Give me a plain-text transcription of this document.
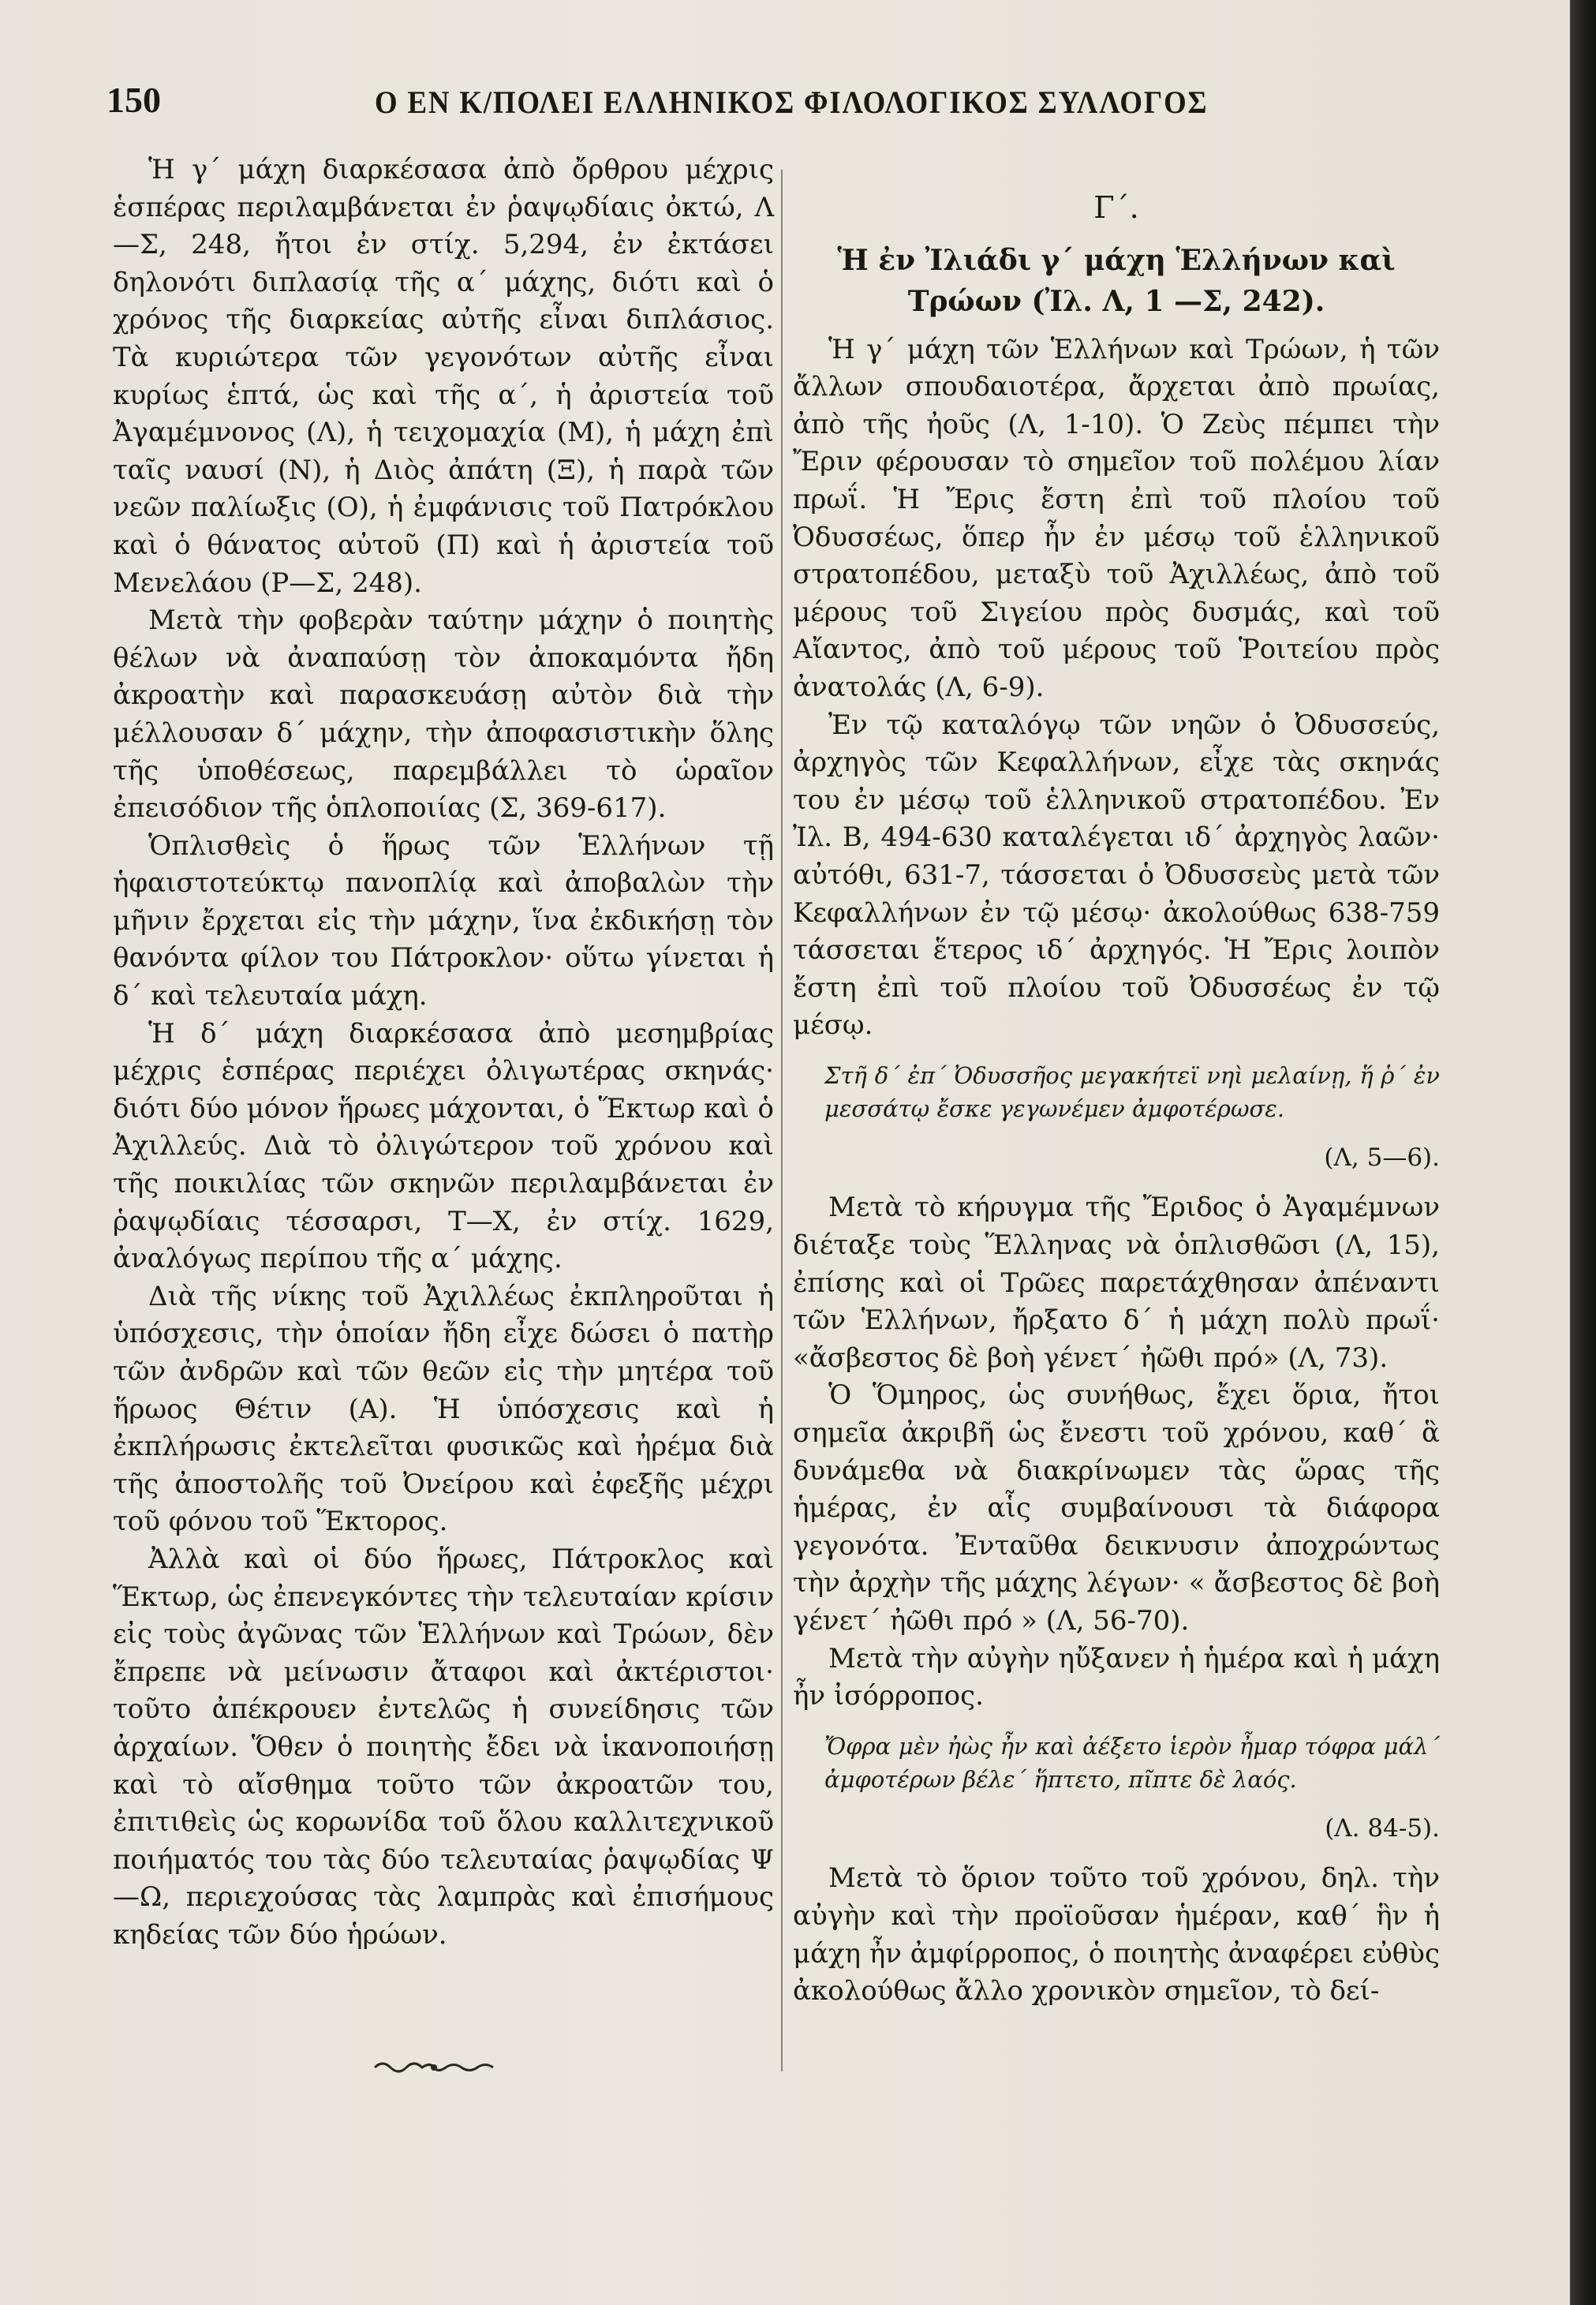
150	Ο ΕΝ Κ/ΠΟΛΕΙ ΕΛΛΗΝΙΚΟΣ ΦΙΛΟΛΟΓΙΚΟΣ ΣΥΛΛΟΓΟΣ

Ἡ γ΄ μάχη διαρκέσασα ἀπὸ ὄρθρου μέχρις ἑσπέρας περιλαμβάνεται ἐν ῥαψῳδίαις ὀκτώ, Λ—Σ, 248, ἤτοι ἐν στίχ. 5,294, ἐν ἐκτάσει δηλονότι διπλασίᾳ τῆς α΄ μάχης, διότι καὶ ὁ χρόνος τῆς διαρκείας αὐτῆς εἶναι διπλάσιος. Τὰ κυριώτερα τῶν γεγονότων αὐτῆς εἶναι κυρίως ἑπτά, ὡς καὶ τῆς α΄, ἡ ἀριστεία τοῦ Ἀγαμέμνονος (Λ), ἡ τειχομαχία (Μ), ἡ μάχη ἐπὶ ταῖς ναυσί (Ν), ἡ Διὸς ἀπάτη (Ξ), ἡ παρὰ τῶν νεῶν παλίωξις (Ο), ἡ ἐμφάνισις τοῦ Πατρόκλου καὶ ὁ θάνατος αὐτοῦ (Π) καὶ ἡ ἀριστεία τοῦ Μενελάου (Ρ—Σ, 248).

Μετὰ τὴν φοβερὰν ταύτην μάχην ὁ ποιητὴς θέλων νὰ ἀναπαύσῃ τὸν ἀποκαμόντα ἤδη ἀκροατὴν καὶ παρασκευάσῃ αὐτὸν διὰ τὴν μέλλουσαν δ΄ μάχην, τὴν ἀποφασιστικὴν ὅλης τῆς ὑποθέσεως, παρεμβάλλει τὸ ὡραῖον ἐπεισόδιον τῆς ὁπλοποιίας (Σ, 369-617).

Ὁπλισθεὶς ὁ ἥρως τῶν Ἑλλήνων τῇ ἡφαιστοτεύκτῳ πανοπλίᾳ καὶ ἀποβαλὼν τὴν μῆνιν ἔρχεται εἰς τὴν μάχην, ἵνα ἐκδικήσῃ τὸν θανόντα φίλον του Πάτροκλον· οὕτω γίνεται ἡ δ΄ καὶ τελευταία μάχη.

Ἡ δ΄ μάχη διαρκέσασα ἀπὸ μεσημβρίας μέχρις ἑσπέρας περιέχει ὀλιγωτέρας σκηνάς· διότι δύο μόνον ἥρωες μάχονται, ὁ Ἕκτωρ καὶ ὁ Ἀχιλλεύς. Διὰ τὸ ὀλιγώτερον τοῦ χρόνου καὶ τῆς ποικιλίας τῶν σκηνῶν περιλαμβάνεται ἐν ῥαψῳδίαις τέσσαρσι, Τ—Χ, ἐν στίχ. 1629, ἀναλόγως περίπου τῆς α΄ μάχης.

Διὰ τῆς νίκης τοῦ Ἀχιλλέως ἐκπληροῦται ἡ ὑπόσχεσις, τὴν ὁποίαν ἤδη εἶχε δώσει ὁ πατὴρ τῶν ἀνδρῶν καὶ τῶν θεῶν εἰς τὴν μητέρα τοῦ ἥρωος Θέτιν (Α). Ἡ ὑπόσχεσις καὶ ἡ ἐκπλήρωσις ἐκτελεῖται φυσικῶς καὶ ἠρέμα διὰ τῆς ἀποστολῆς τοῦ Ὀνείρου καὶ ἐφεξῆς μέχρι τοῦ φόνου τοῦ Ἕκτορος.

Ἀλλὰ καὶ οἱ δύο ἥρωες, Πάτροκλος καὶ Ἕκτωρ, ὡς ἐπενεγκόντες τὴν τελευταίαν κρίσιν εἰς τοὺς ἀγῶνας τῶν Ἑλλήνων καὶ Τρώων, δὲν ἔπρεπε νὰ μείνωσιν ἄταφοι καὶ ἀκτέριστοι· τοῦτο ἀπέκρουεν ἐντελῶς ἡ συνείδησις τῶν ἀρχαίων. Ὅθεν ὁ ποιητὴς ἔδει νὰ ἱκανοποιήσῃ καὶ τὸ αἴσθημα τοῦτο τῶν ἀκροατῶν του, ἐπιτιθεὶς ὡς κορωνίδα τοῦ ὅλου καλλιτεχνικοῦ ποιήματός του τὰς δύο τελευταίας ῥαψῳδίας Ψ—Ω, περιεχούσας τὰς λαμπρὰς καὶ ἐπισήμους κηδείας τῶν δύο ἡρώων.

Γ΄.

Ἡ ἐν Ἰλιάδι γ΄ μάχη Ἑλλήνων καὶ Τρώων (Ἰλ. Λ, 1 —Σ, 242).

Ἡ γ΄ μάχη τῶν Ἑλλήνων καὶ Τρώων, ἡ τῶν ἄλλων σπουδαιοτέρα, ἄρχεται ἀπὸ πρωίας, ἀπὸ τῆς ἠοῦς (Λ, 1-10). Ὁ Ζεὺς πέμπει τὴν Ἔριν φέρουσαν τὸ σημεῖον τοῦ πολέμου λίαν πρωΐ. Ἡ Ἔρις ἔστη ἐπὶ τοῦ πλοίου τοῦ Ὀδυσσέως, ὅπερ ἦν ἐν μέσῳ τοῦ ἑλληνικοῦ στρατοπέδου, μεταξὺ τοῦ Ἀχιλλέως, ἀπὸ τοῦ μέρους τοῦ Σιγείου πρὸς δυσμάς, καὶ τοῦ Αἴαντος, ἀπὸ τοῦ μέρους τοῦ Ῥοιτείου πρὸς ἀνατολάς (Λ, 6-9).

Ἐν τῷ καταλόγῳ τῶν νηῶν ὁ Ὀδυσσεύς, ἀρχηγὸς τῶν Κεφαλλήνων, εἶχε τὰς σκηνάς του ἐν μέσῳ τοῦ ἑλληνικοῦ στρατοπέδου. Ἐν Ἰλ. Β, 494-630 καταλέγεται ιδ΄ ἀρχηγὸς λαῶν· αὐτόθι, 631-7, τάσσεται ὁ Ὀδυσσεὺς μετὰ τῶν Κεφαλλήνων ἐν τῷ μέσῳ· ἀκολούθως 638-759 τάσσεται ἕτερος ιδ΄ ἀρχηγός. Ἡ Ἔρις λοιπὸν ἔστη ἐπὶ τοῦ πλοίου τοῦ Ὀδυσσέως ἐν τῷ μέσῳ.

Στῆ δ΄ ἐπ΄ Ὀδυσσῆος μεγακήτεϊ νηὶ μελαίνῃ, ἥ ῥ΄ ἐν μεσσάτῳ ἔσκε γεγωνέμεν ἀμφοτέρωσε.

(Λ, 5—6).

Μετὰ τὸ κήρυγμα τῆς Ἔριδος ὁ Ἀγαμέμνων διέταξε τοὺς Ἕλληνας νὰ ὁπλισθῶσι (Λ, 15), ἐπίσης καὶ οἱ Τρῶες παρετάχθησαν ἀπέναντι τῶν Ἑλλήνων, ἤρξατο δ΄ ἡ μάχη πολὺ πρωΐ· «ἄσβεστος δὲ βοὴ γένετ΄ ἠῶθι πρό» (Λ, 73).

Ὁ Ὅμηρος, ὡς συνήθως, ἔχει ὅρια, ἤτοι σημεῖα ἀκριβῆ ὡς ἔνεστι τοῦ χρόνου, καθ΄ ἃ δυνάμεθα νὰ διακρίνωμεν τὰς ὥρας τῆς ἡμέρας, ἐν αἷς συμβαίνουσι τὰ διάφορα γεγονότα. Ἐνταῦθα δεικνυσιν ἀποχρώντως τὴν ἀρχὴν τῆς μάχης λέγων· « ἄσβεστος δὲ βοὴ γένετ΄ ἠῶθι πρό » (Λ, 56-70).

Μετὰ τὴν αὐγὴν ηὔξανεν ἡ ἡμέρα καὶ ἡ μάχη ἦν ἰσόρροπος.

Ὄφρα μὲν ἠὼς ἦν καὶ ἀέξετο ἱερὸν ἦμαρ τόφρα μάλ΄ ἀμφοτέρων βέλε΄ ἥπτετο, πῖπτε δὲ λαός.

(Λ. 84-5).

Μετὰ τὸ ὅριον τοῦτο τοῦ χρόνου, δηλ. τὴν αὐγὴν καὶ τὴν προϊοῦσαν ἡμέραν, καθ΄ ἣν ἡ μάχη ἦν ἀμφίρροπος, ὁ ποιητὴς ἀναφέρει εὐθὺς ἀκολούθως ἄλλο χρονικὸν σημεῖον, τὸ δεί-
